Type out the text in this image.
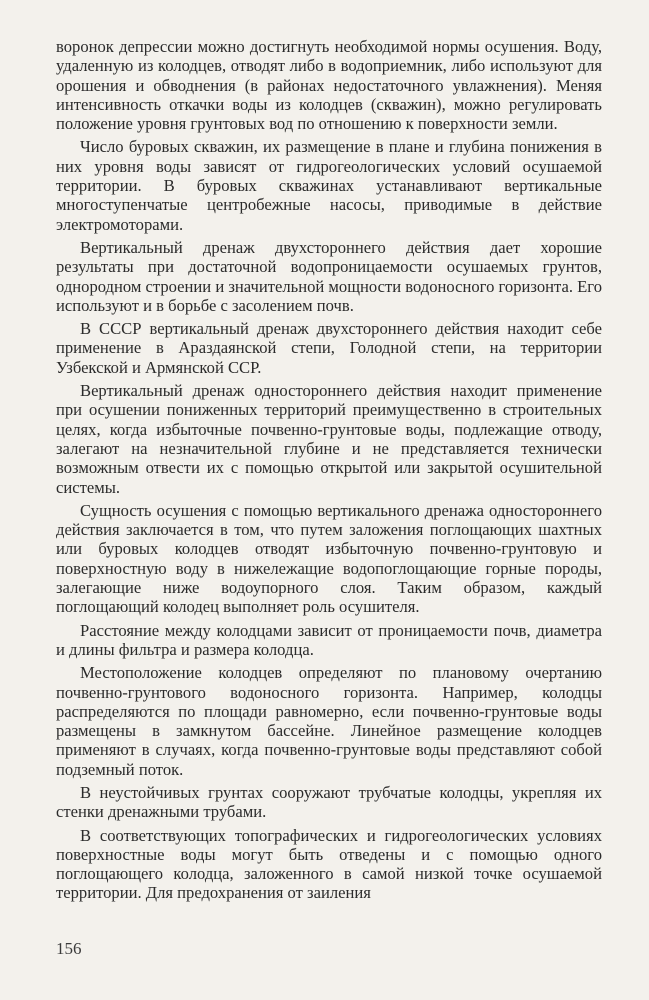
воронок депрессии можно достигнуть необходимой нормы осушения. Воду, удаленную из колодцев, отводят либо в водоприемник, либо используют для орошения и обводнения (в районах недостаточного увлажнения). Меняя интенсивность откачки воды из колодцев (скважин), можно регулировать положение уровня грунтовых вод по отношению к поверхности земли.

Число буровых скважин, их размещение в плане и глубина понижения в них уровня воды зависят от гидрогеологических условий осушаемой территории. В буровых скважинах устанавливают вертикальные многоступенчатые центробежные насосы, приводимые в действие электромоторами.

Вертикальный дренаж двухстороннего действия дает хорошие результаты при достаточной водопроницаемости осушаемых грунтов, однородном строении и значительной мощности водоносного горизонта. Его используют и в борьбе с засолением почв.

В СССР вертикальный дренаж двухстороннего действия находит себе применение в Араздаянской степи, Голодной степи, на территории Узбекской и Армянской ССР.

Вертикальный дренаж одностороннего действия находит применение при осушении пониженных территорий преимущественно в строительных целях, когда избыточные почвенно-грунтовые воды, подлежащие отводу, залегают на незначительной глубине и не представляется технически возможным отвести их с помощью открытой или закрытой осушительной системы.

Сущность осушения с помощью вертикального дренажа одностороннего действия заключается в том, что путем заложения поглощающих шахтных или буровых колодцев отводят избыточную почвенно-грунтовую и поверхностную воду в нижележащие водопоглощающие горные породы, залегающие ниже водоупорного слоя. Таким образом, каждый поглощающий колодец выполняет роль осушителя.

Расстояние между колодцами зависит от проницаемости почв, диаметра и длины фильтра и размера колодца.

Местоположение колодцев определяют по плановому очертанию почвенно-грунтового водоносного горизонта. Например, колодцы распределяются по площади равномерно, если почвенно-грунтовые воды размещены в замкнутом бассейне. Линейное размещение колодцев применяют в случаях, когда почвенно-грунтовые воды представляют собой подземный поток.

В неустойчивых грунтах сооружают трубчатые колодцы, укрепляя их стенки дренажными трубами.

В соответствующих топографических и гидрогеологических условиях поверхностные воды могут быть отведены и с помощью одного поглощающего колодца, заложенного в самой низкой точке осушаемой территории. Для предохранения от заиления

156
